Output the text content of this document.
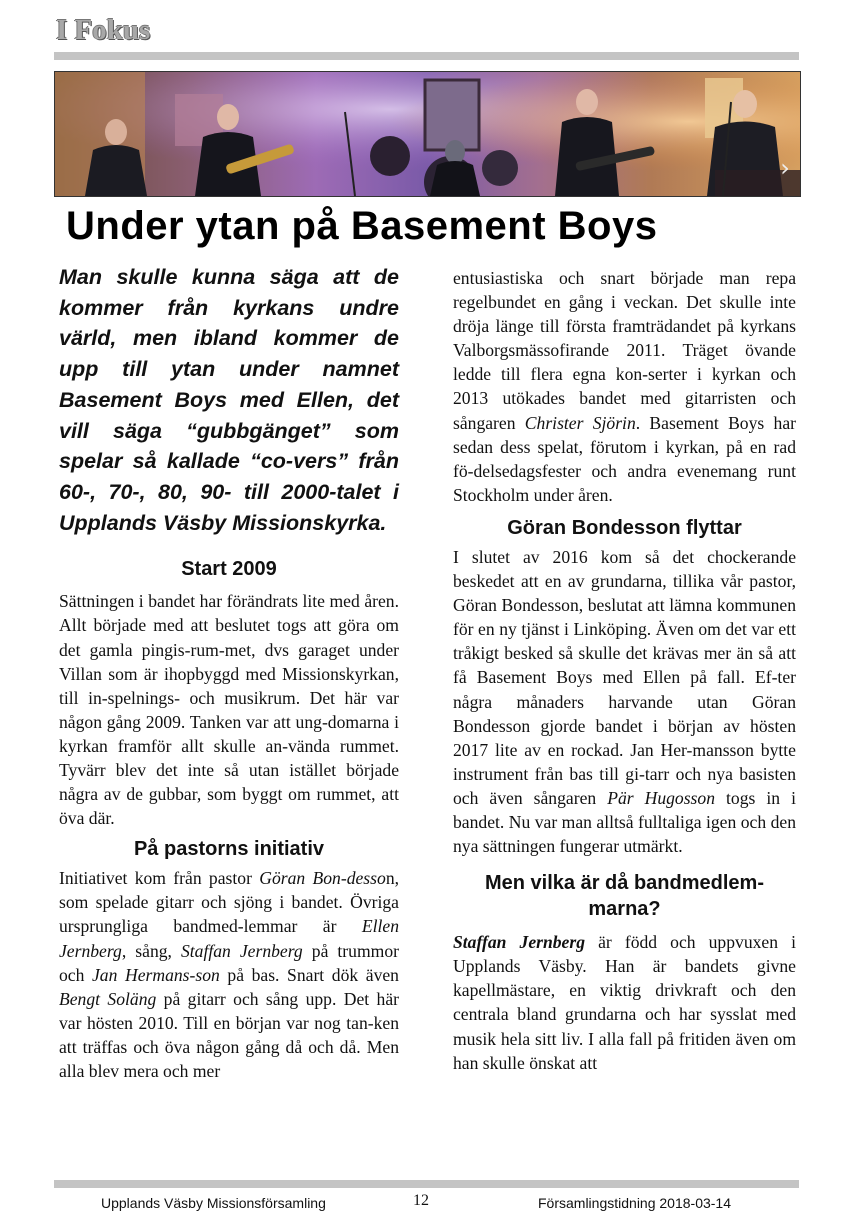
I Fokus
›
Under ytan på Basement Boys

Man skulle kunna säga att de kommer från kyrkans undre värld, men ibland kommer de upp till ytan under namnet Basement Boys med Ellen, det vill säga “gubbgänget” som spelar så kallade “co-vers” från 60-, 70-, 80, 90- till 2000-talet i Upplands Väsby Missionskyrka.

Start 2009

Sättningen i bandet har förändrats lite med åren. Allt började med att beslutet togs att göra om det gamla pingis-rum-met, dvs garaget under Villan som är ihopbyggd med Missionskyrkan, till in-spelnings- och musikrum. Det här var någon gång 2009. Tanken var att ung-domarna i kyrkan framför allt skulle an-vända rummet. Tyvärr blev det inte så utan istället började några av de gubbar, som byggt om rummet, att öva där.

På pastorns initiativ

Initiativet kom från pastor Göran Bon-desson, som spelade gitarr och sjöng i bandet. Övriga ursprungliga bandmed-lemmar är Ellen Jernberg, sång, Staffan Jernberg på trummor och Jan Hermans-son på bas. Snart dök även Bengt Soläng på gitarr och sång upp. Det här var hösten 2010. Till en början var nog tan-ken att träffas och öva någon gång då och då. Men alla blev mera och mer

entusiastiska och snart började man repa regelbundet en gång i veckan. Det skulle inte dröja länge till första framträdandet på kyrkans Valborgsmässofirande 2011. Träget övande ledde till flera egna kon-serter i kyrkan och 2013 utökades bandet med gitarristen och sångaren Christer Sjörin. Basement Boys har sedan dess spelat, förutom i kyrkan, på en rad fö-delsedagsfester och andra evenemang runt Stockholm under åren.

Göran Bondesson flyttar

I slutet av 2016 kom så det chockerande beskedet att en av grundarna, tillika vår pastor, Göran Bondesson, beslutat att lämna kommunen för en ny tjänst i Linköping. Även om det var ett tråkigt besked så skulle det krävas mer än så att få Basement Boys med Ellen på fall. Ef-ter några månaders harvande utan Göran Bondesson gjorde bandet i början av hösten 2017 lite av en rockad. Jan Her-mansson bytte instrument från bas till gi-tarr och nya basisten och även sångaren Pär Hugosson togs in i bandet. Nu var man alltså fulltaliga igen och den nya sättningen fungerar utmärkt.

Men vilka är då bandmedlem-marna?

Staffan Jernberg är född och uppvuxen i Upplands Väsby. Han är bandets givne kapellmästare, en viktig drivkraft och den centrala bland grundarna och har sysslat med musik hela sitt liv. I alla fall på fritiden även om han skulle önskat att

Upplands Väsby Missionsförsamling	12	Församlingstidning 2018-03-14
